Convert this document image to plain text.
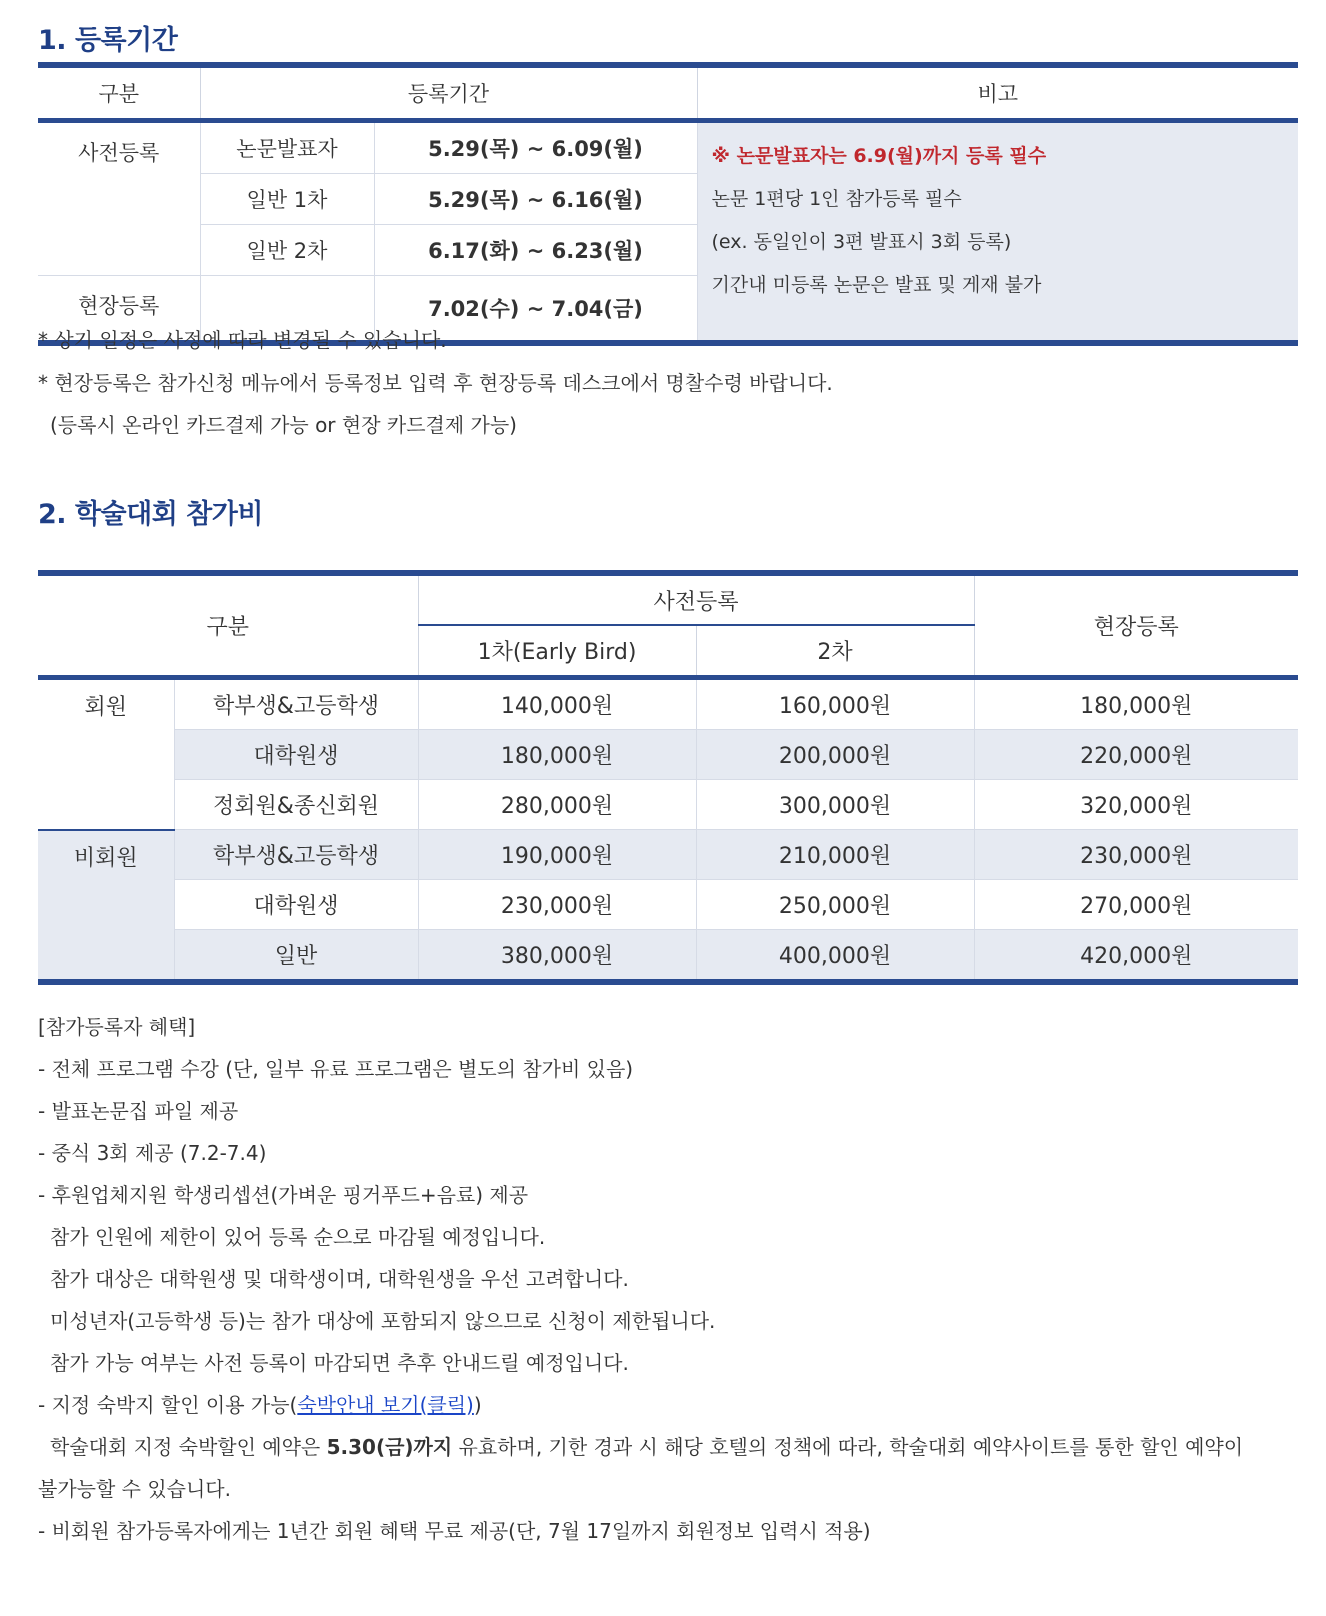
1. 등록기간
구분	등록기간		비고
사전등록	논문발표자	5.29(목) ~ 6.09(월)	※ 논문발표자는 6.9(월)까지 등록 필수
논문 1편당 1인 참가등록 필수
(ex. 동일인이 3편 발표시 3회 등록)
기간내 미등록 논문은 발표 및 게재 불가

	일반 1차	5.29(목) ~ 6.16(월)	
	일반 2차	6.17(화) ~ 6.23(월)	
현장등록		7.02(수) ~ 7.04(금)	

* 상기 일정은 사정에 따라 변경될 수 있습니다.

* 현장등록은 참가신청 메뉴에서 등록정보 입력 후 현장등록 데스크에서 명찰수령 바랍니다.

(등록시 온라인 카드결제 가능 or 현장 카드결제 가능)

2. 학술대회 참가비
구분		사전등록		현장등록
		1차(Early Bird)	2차	
회원	학부생&고등학생	140,000원	160,000원	180,000원
	대학원생	180,000원	200,000원	220,000원
	정회원&종신회원	280,000원	300,000원	320,000원
비회원	학부생&고등학생	190,000원	210,000원	230,000원
	대학원생	230,000원	250,000원	270,000원
	일반	380,000원	400,000원	420,000원

[참가등록자 혜택]

- 전체 프로그램 수강 (단, 일부 유료 프로그램은 별도의 참가비 있음)

- 발표논문집 파일 제공

- 중식 3회 제공 (7.2-7.4)

- 후원업체지원 학생리셉션(가벼운 핑거푸드+음료) 제공

참가 인원에 제한이 있어 등록 순으로 마감될 예정입니다.

참가 대상은 대학원생 및 대학생이며, 대학원생을 우선 고려합니다.

미성년자(고등학생 등)는 참가 대상에 포함되지 않으므로 신청이 제한됩니다.

참가 가능 여부는 사전 등록이 마감되면 추후 안내드릴 예정입니다.

- 지정 숙박지 할인 이용 가능(숙박안내 보기(클릭))

학술대회 지정 숙박할인 예약은 5.30(금)까지 유효하며, 기한 경과 시 해당 호텔의 정책에 따라, 학술대회 예약사이트를 통한 할인 예약이

불가능할 수 있습니다.

- 비회원 참가등록자에게는 1년간 회원 혜택 무료 제공(단, 7월 17일까지 회원정보 입력시 적용)
